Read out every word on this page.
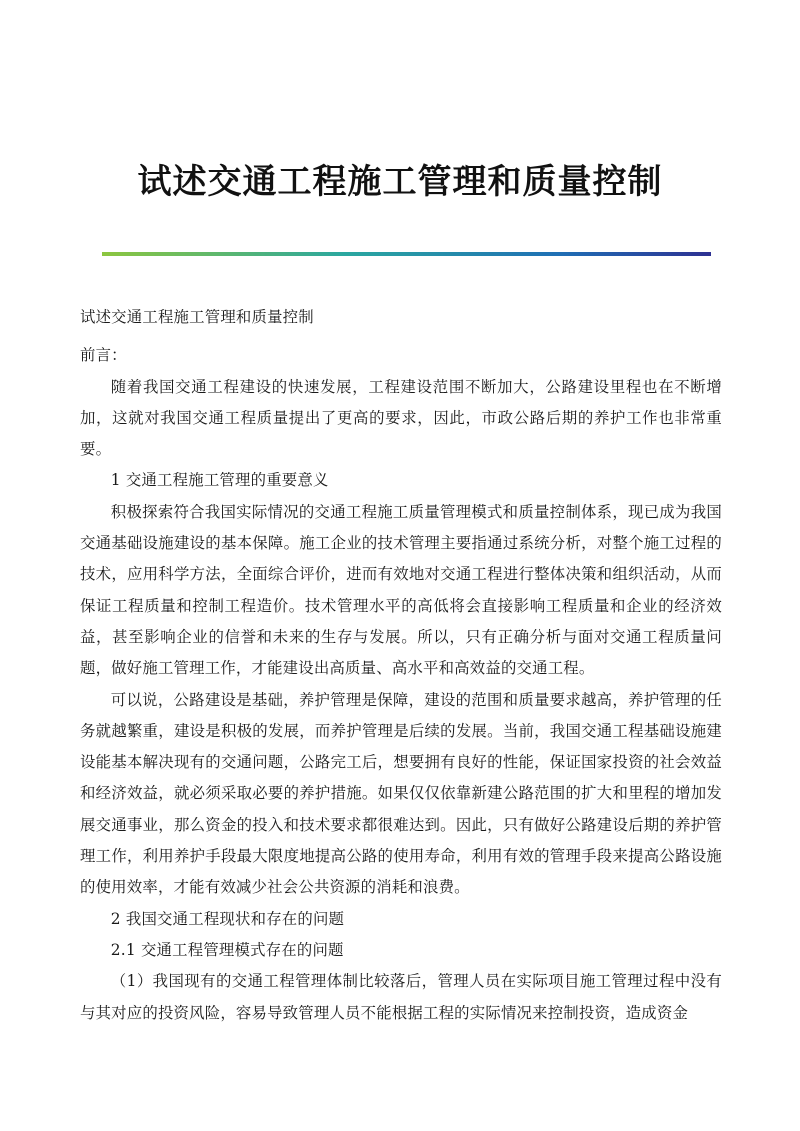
试述交通工程施工管理和质量控制

试述交通工程施工管理和质量控制

前言：

随着我国交通工程建设的快速发展，工程建设范围不断加大，公路建设里程也在不断增加，这就对我国交通工程质量提出了更高的要求，因此，市政公路后期的养护工作也非常重要。

1 交通工程施工管理的重要意义

积极探索符合我国实际情况的交通工程施工质量管理模式和质量控制体系，现已成为我国交通基础设施建设的基本保障。施工企业的技术管理主要指通过系统分析，对整个施工过程的技术，应用科学方法，全面综合评价，进而有效地对交通工程进行整体决策和组织活动，从而保证工程质量和控制工程造价。技术管理水平的高低将会直接影响工程质量和企业的经济效益，甚至影响企业的信誉和未来的生存与发展。所以，只有正确分析与面对交通工程质量问题，做好施工管理工作，才能建设出高质量、高水平和高效益的交通工程。

可以说，公路建设是基础，养护管理是保障，建设的范围和质量要求越高，养护管理的任务就越繁重，建设是积极的发展，而养护管理是后续的发展。当前，我国交通工程基础设施建设能基本解决现有的交通问题，公路完工后，想要拥有良好的性能，保证国家投资的社会效益和经济效益，就必须采取必要的养护措施。如果仅仅依靠新建公路范围的扩大和里程的增加发展交通事业，那么资金的投入和技术要求都很难达到。因此，只有做好公路建设后期的养护管理工作，利用养护手段最大限度地提高公路的使用寿命，利用有效的管理手段来提高公路设施的使用效率，才能有效减少社会公共资源的消耗和浪费。

2 我国交通工程现状和存在的问题

2.1 交通工程管理模式存在的问题

（1）我国现有的交通工程管理体制比较落后，管理人员在实际项目施工管理过程中没有与其对应的投资风险，容易导致管理人员不能根据工程的实际情况来控制投资，造成资金
